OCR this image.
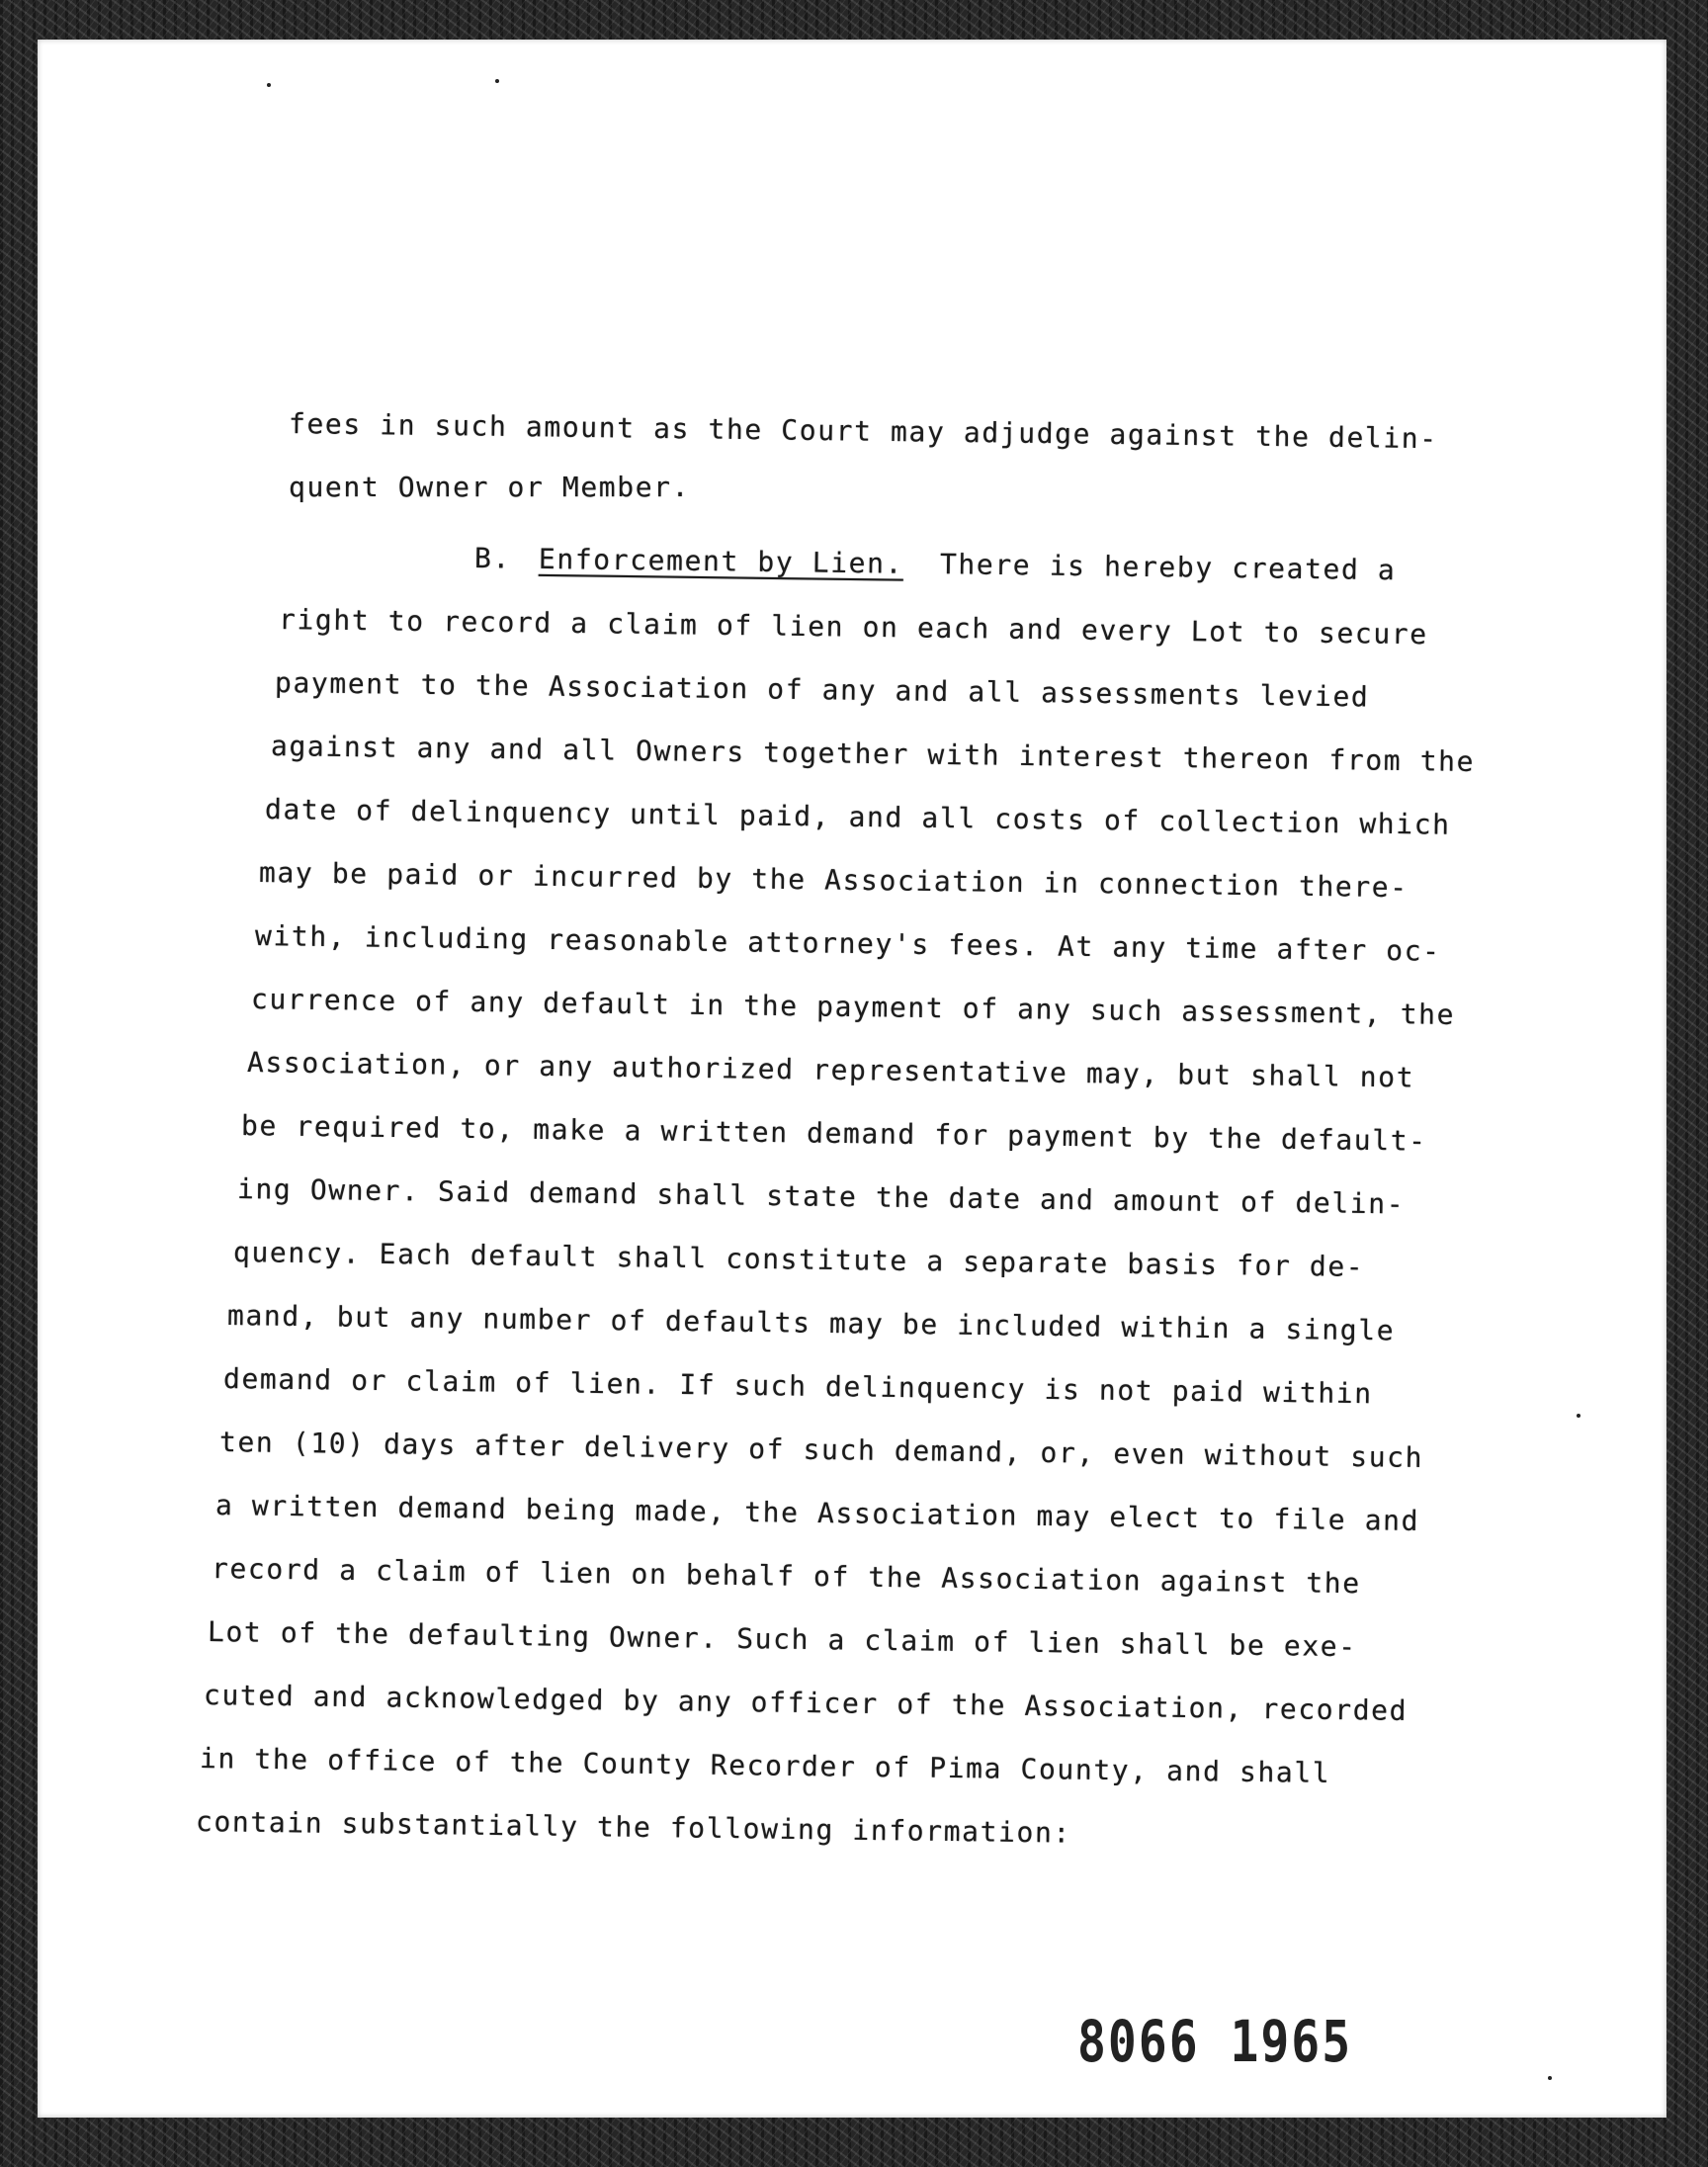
fees in such amount as the Court may adjudge against the delin-
quent Owner or Member.
B. Enforcement by Lien. There is hereby created a
right to record a claim of lien on each and every Lot to secure
payment to the Association of any and all assessments levied
against any and all Owners together with interest thereon from the
date of delinquency until paid, and all costs of collection which
may be paid or incurred by the Association in connection there-
with, including reasonable attorney's fees. At any time after oc-
currence of any default in the payment of any such assessment, the
Association, or any authorized representative may, but shall not
be required to, make a written demand for payment by the default-
ing Owner. Said demand shall state the date and amount of delin-
quency. Each default shall constitute a separate basis for de-
mand, but any number of defaults may be included within a single
demand or claim of lien. If such delinquency is not paid within
ten (10) days after delivery of such demand, or, even without such
a written demand being made, the Association may elect to file and
record a claim of lien on behalf of the Association against the
Lot of the defaulting Owner. Such a claim of lien shall be exe-
cuted and acknowledged by any officer of the Association, recorded
in the office of the County Recorder of Pima County, and shall
contain substantially the following information:
8066 1965
